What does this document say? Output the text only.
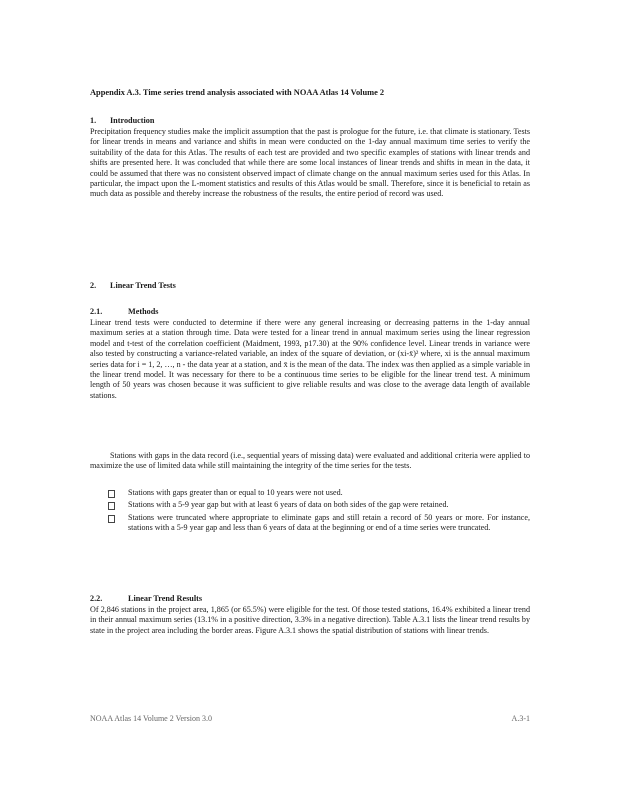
Appendix A.3. Time series trend analysis associated with NOAA Atlas 14 Volume 2
1. Introduction

Precipitation frequency studies make the implicit assumption that the past is prologue for the future, i.e. that climate is stationary. Tests for linear trends in means and variance and shifts in mean were conducted on the 1-day annual maximum time series to verify the suitability of the data for this Atlas. The results of each test are provided and two specific examples of stations with linear trends and shifts are presented here. It was concluded that while there are some local instances of linear trends and shifts in mean in the data, it could be assumed that there was no consistent observed impact of climate change on the annual maximum series used for this Atlas. In particular, the impact upon the L-moment statistics and results of this Atlas would be small. Therefore, since it is beneficial to retain as much data as possible and thereby increase the robustness of the results, the entire period of record was used.

2. Linear Trend Tests
2.1.	Methods
Linear trend tests were conducted to determine if there were any general increasing or decreasing patterns in the 1-day annual maximum series at a station through time. Data were tested for a linear trend in annual maximum series using the linear regression model and t-test of the correlation coefficient (Maidment, 1993, p17.30) at the 90% confidence level. Linear trends in variance were also tested by constructing a variance-related variable, an index of the square of deviation, or (xi-x̄)² where, xi is the annual maximum series data for i = 1, 2, …, n - the data year at a station, and x̄ is the mean of the data. The index was then applied as a simple variable in the linear trend model. It was necessary for there to be a continuous time series to be eligible for the linear trend test. A minimum length of 50 years was chosen because it was sufficient to give reliable results and was close to the average data length of available stations.

Stations with gaps in the data record (i.e., sequential years of missing data) were evaluated and additional criteria were applied to maximize the use of limited data while still maintaining the integrity of the time series for the tests.

Stations with gaps greater than or equal to 10 years were not used.
Stations with a 5-9 year gap but with at least 6 years of data on both sides of the gap were retained.
Stations were truncated where appropriate to eliminate gaps and still retain a record of 50 years or more. For instance, stations with a 5-9 year gap and less than 6 years of data at the beginning or end of a time series were truncated.
2.2.	Linear Trend Results

Of 2,846 stations in the project area, 1,865 (or 65.5%) were eligible for the test. Of those tested stations, 16.4% exhibited a linear trend in their annual maximum series (13.1% in a positive direction, 3.3% in a negative direction). Table A.3.1 lists the linear trend results by state in the project area including the border areas. Figure A.3.1 shows the spatial distribution of stations with linear trends.

NOAA Atlas 14 Volume 2 Version 3.0	A.3-1
